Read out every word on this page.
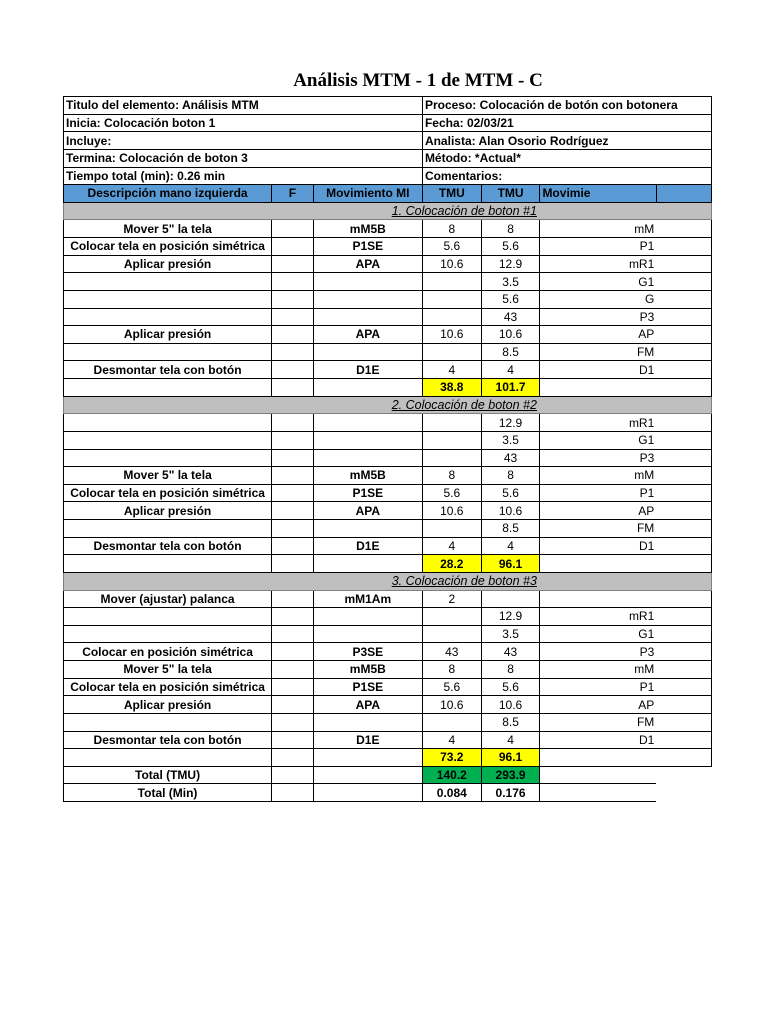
Análisis MTM - 1 de MTM - C
Titulo del elemento: Análisis MTM			Proceso: Colocación de botón con botonera			
Inicia: Colocación boton 1			Fecha: 02/03/21			
Incluye:			Analista: Alan Osorio Rodríguez			
Termina: Colocación de boton 3			Método: *Actual*			
Tiempo total (min): 0.26 min			Comentarios:			
Descripción mano izquierda	F	Movimiento MI	TMU	TMU	Movimie	
1. Colocación de boton #1						
Mover 5" la tela		mM5B	8	8	mM	
Colocar tela en posición simétrica		P1SE	5.6	5.6	P1	
Aplicar presión		APA	10.6	12.9	mR1	
				3.5	G1	
				5.6	G	
				43	P3	
Aplicar presión		APA	10.6	10.6	AP	
				8.5	FM	
Desmontar tela con botón		D1E	4	4	D1	
			38.8	101.7		
2. Colocación de boton #2						
				12.9	mR1	
				3.5	G1	
				43	P3	
Mover 5" la tela		mM5B	8	8	mM	
Colocar tela en posición simétrica		P1SE	5.6	5.6	P1	
Aplicar presión		APA	10.6	10.6	AP	
				8.5	FM	
Desmontar tela con botón		D1E	4	4	D1	
			28.2	96.1		
3. Colocación de boton #3						
Mover (ajustar) palanca		mM1Am	2			
				12.9	mR1	
				3.5	G1	
Colocar en posición simétrica		P3SE	43	43	P3	
Mover 5" la tela		mM5B	8	8	mM	
Colocar tela en posición simétrica		P1SE	5.6	5.6	P1	
Aplicar presión		APA	10.6	10.6	AP	
				8.5	FM	
Desmontar tela con botón		D1E	4	4	D1	
			73.2	96.1		
Total (TMU)			140.2	293.9		
Total (Min)			0.084	0.176		
